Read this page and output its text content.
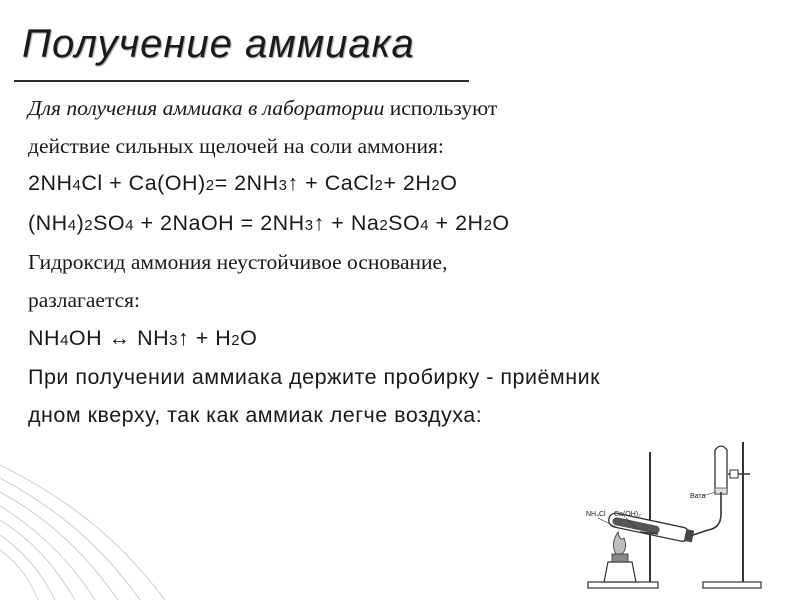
Получение аммиака
Для получения аммиака в лаборатории используют
действие сильных щелочей на соли аммония:
2NH4Cl + Ca(OH)2= 2NH3↑ + CaCl2+ 2H2O
(NH4)2SO4 + 2NaOH = 2NH3↑ + Na2SO4 + 2H2O
Гидроксид аммония неустойчивое основание,
разлагается:
NH4OH ↔ NH3↑ + H2O
При получении аммиака держите пробирку - приёмник
дном кверху, так как аммиак легче воздуха:
NH₄Cl Ca(OH)₂
Вата
